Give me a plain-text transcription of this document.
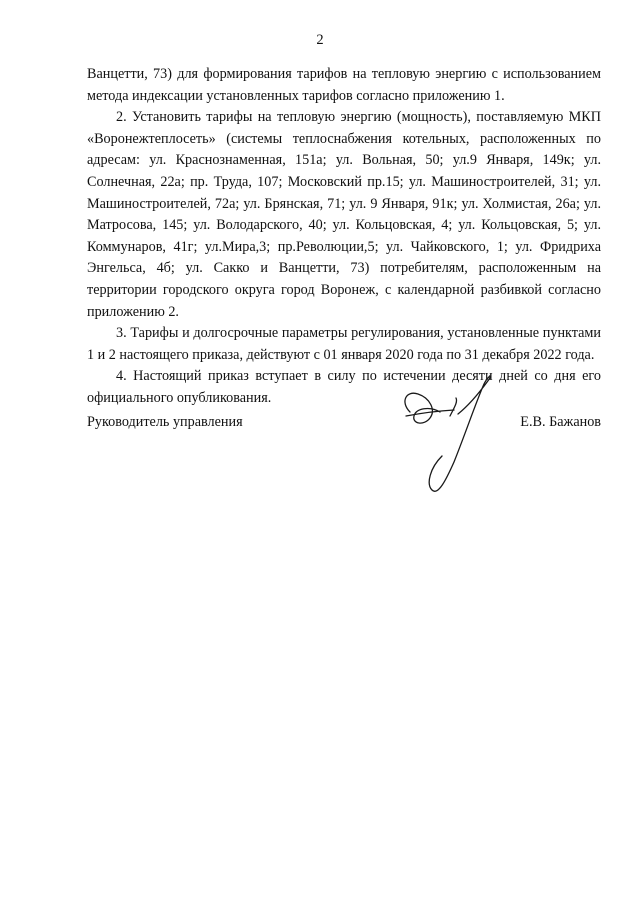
2

Ванцетти, 73) для формирования тарифов на тепловую энергию с использованием метода индексации установленных тарифов согласно приложению 1.

2. Установить тарифы на тепловую энергию (мощность), поставляемую МКП «Воронежтеплосеть» (системы теплоснабжения котельных, расположенных по адресам: ул. Краснознаменная, 151а; ул. Вольная, 50; ул.9 Января, 149к; ул. Солнечная, 22а; пр. Труда, 107; Московский пр.15; ул. Машиностроителей, 31; ул. Машиностроителей, 72а; ул. Брянская, 71; ул. 9 Января, 91к; ул. Холмистая, 26а; ул. Матросова, 145; ул. Володарского, 40; ул. Кольцовская, 4; ул. Кольцовская, 5; ул. Коммунаров, 41г; ул.Мира,3; пр.Революции,5; ул. Чайковского, 1; ул. Фридриха Энгельса, 4б; ул. Сакко и Ванцетти, 73) потребителям, расположенным на территории городского округа город Воронеж, с календарной разбивкой согласно приложению 2.

3. Тарифы и долгосрочные параметры регулирования, установленные пунктами 1 и 2 настоящего приказа, действуют с 01 января 2020 года по 31 декабря 2022 года.

4. Настоящий приказ вступает в силу по истечении десяти дней со дня его официального опубликования.

Руководитель управления	Е.В. Бажанов
